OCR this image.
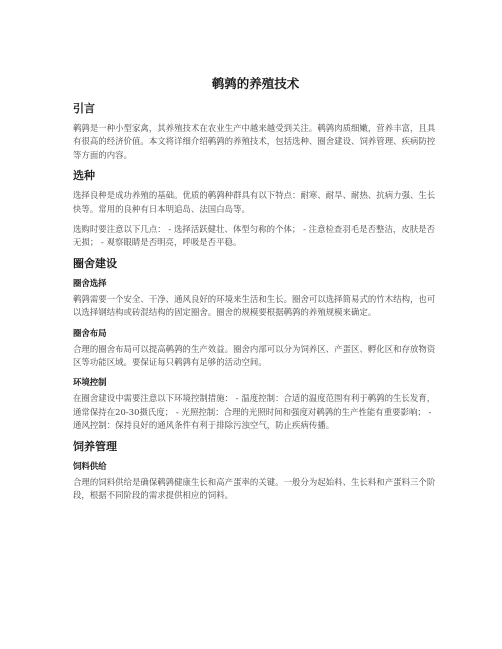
鹌鹑的养殖技术
引言

鹌鹑是一种小型家禽，其养殖技术在农业生产中越来越受到关注。鹌鹑肉质细嫩，营养丰富，且具有很高的经济价值。本文将详细介绍鹌鹑的养殖技术，包括选种、圈舍建设、饲养管理、疾病防控等方面的内容。

选种

选择良种是成功养殖的基础。优质的鹌鹑种群具有以下特点：耐寒、耐旱、耐热、抗病力强、生长快等。常用的良种有日本明追岛、法国白岛等。

选购时要注意以下几点： - 选择活跃健壮、体型匀称的个体； - 注意检查羽毛是否整洁，皮肤是否无损； - 观察眼睛是否明亮，呼吸是否平稳。

圈舍建设
圈舍选择

鹌鹑需要一个安全、干净、通风良好的环境来生活和生长。圈舍可以选择简易式的竹木结构，也可以选择钢结构或砖混结构的固定圈舍。圈舍的规模要根据鹌鹑的养殖规模来确定。

圈舍布局

合理的圈舍布局可以提高鹌鹑的生产效益。圈舍内部可以分为饲养区、产蛋区、孵化区和存放物资区等功能区域。要保证每只鹌鹑有足够的活动空间。

环境控制

在圈舍建设中需要注意以下环境控制措施： - 温度控制：合适的温度范围有利于鹌鹑的生长发育，通常保持在20-30摄氏度； - 光照控制：合理的光照时间和强度对鹌鹑的生产性能有重要影响； - 通风控制：保持良好的通风条件有利于排除污浊空气，防止疾病传播。

饲养管理
饲料供给

合理的饲料供给是确保鹌鹑健康生长和高产蛋率的关键。一般分为起始料、生长料和产蛋料三个阶段，根据不同阶段的需求提供相应的饲料。
